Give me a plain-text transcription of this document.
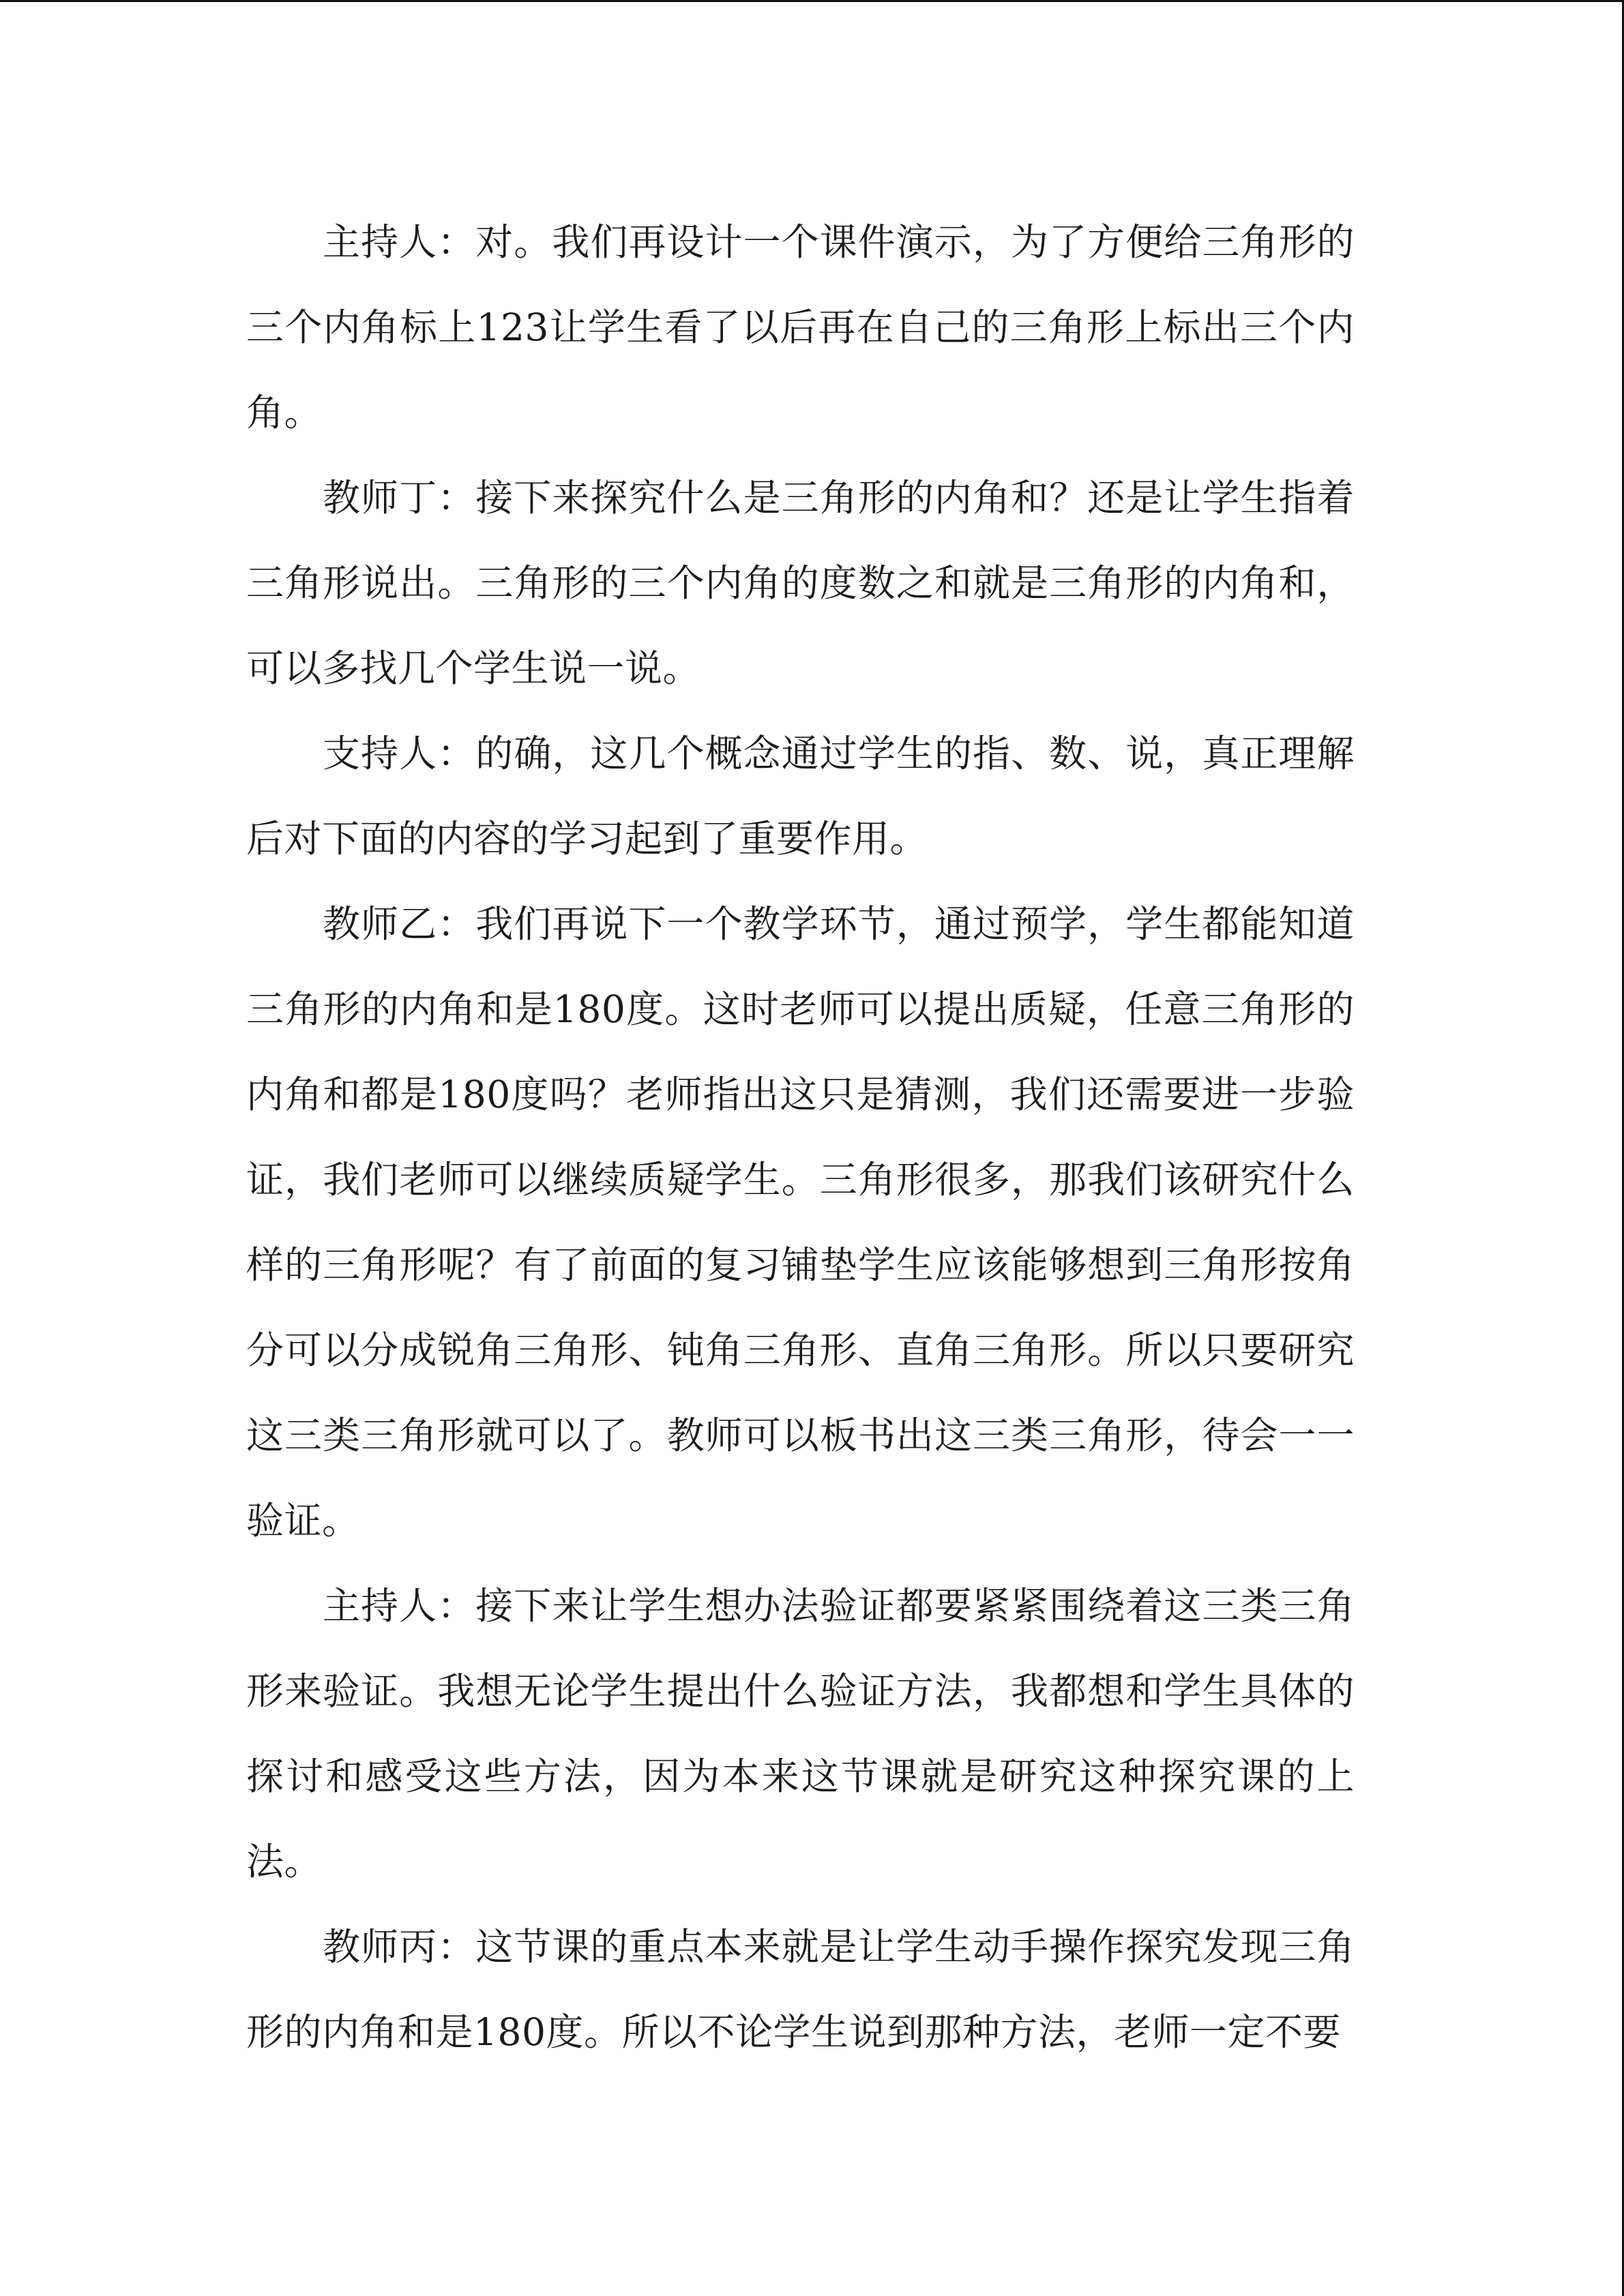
主持人：对。我们再设计一个课件演示，为了方便给三角形的三个内角标上123让学生看了以后再在自己的三角形上标出三个内角。

教师丁：接下来探究什么是三角形的内角和？还是让学生指着三角形说出。三角形的三个内角的度数之和就是三角形的内角和，可以多找几个学生说一说。

支持人：的确，这几个概念通过学生的指、数、说，真正理解后对下面的内容的学习起到了重要作用。

教师乙：我们再说下一个教学环节，通过预学，学生都能知道三角形的内角和是180度。这时老师可以提出质疑，任意三角形的内角和都是180度吗？老师指出这只是猜测，我们还需要进一步验证，我们老师可以继续质疑学生。三角形很多，那我们该研究什么样的三角形呢？有了前面的复习铺垫学生应该能够想到三角形按角分可以分成锐角三角形、钝角三角形、直角三角形。所以只要研究这三类三角形就可以了。教师可以板书出这三类三角形，待会一一验证。

主持人：接下来让学生想办法验证都要紧紧围绕着这三类三角形来验证。我想无论学生提出什么验证方法，我都想和学生具体的探讨和感受这些方法，因为本来这节课就是研究这种探究课的上法。

教师丙：这节课的重点本来就是让学生动手操作探究发现三角形的内角和是180度。所以不论学生说到那种方法，老师一定不要
